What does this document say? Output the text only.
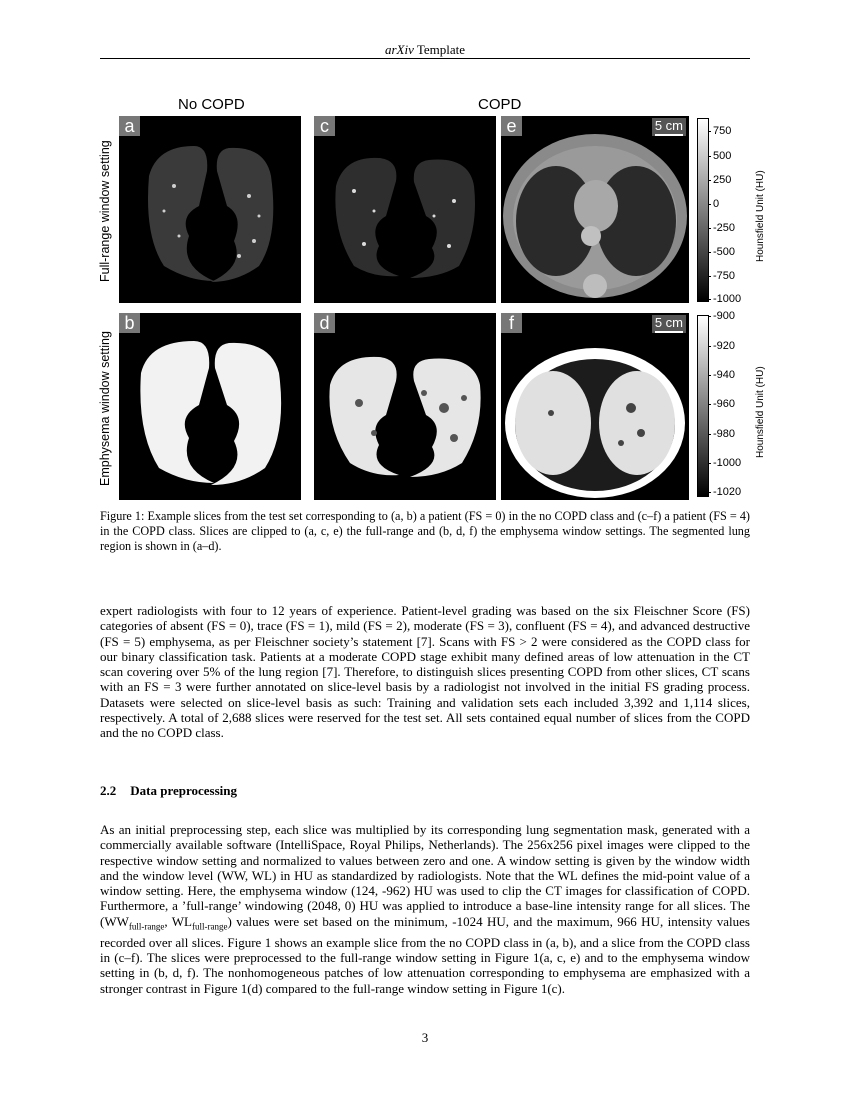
arXiv Template
No COPD	COPD
Full-range window setting
Emphysema window setting
a	c	e	5 cm
b	d	f	5 cm
750
500
250
0
-250
-500
-750
-1000
Hounsfield Unit (HU)
-900
-920
-940
-960
-980
-1000
-1020
Hounsfield Unit (HU)
Figure 1: Example slices from the test set corresponding to (a, b) a patient (FS = 0) in the no COPD class and (c–f) a patient (FS = 4) in the COPD class. Slices are clipped to (a, c, e) the full-range and (b, d, f) the emphysema window settings. The segmented lung region is shown in (a–d).
expert radiologists with four to 12 years of experience. Patient-level grading was based on the six Fleischner Score (FS) categories of absent (FS = 0), trace (FS = 1), mild (FS = 2), moderate (FS = 3), confluent (FS = 4), and advanced destructive (FS = 5) emphysema, as per Fleischner society’s statement [7]. Scans with FS > 2 were considered as the COPD class for our binary classification task. Patients at a moderate COPD stage exhibit many defined areas of low attenuation in the CT scan covering over 5% of the lung region [7]. Therefore, to distinguish slices presenting COPD from other slices, CT scans with an FS = 3 were further annotated on slice-level basis by a radiologist not involved in the initial FS grading process. Datasets were selected on slice-level basis as such: Training and validation sets each included 3,392 and 1,114 slices, respectively. A total of 2,688 slices were reserved for the test set. All sets contained equal number of slices from the COPD and the no COPD class.
2.2 Data preprocessing
As an initial preprocessing step, each slice was multiplied by its corresponding lung segmentation mask, generated with a commercially available software (IntelliSpace, Royal Philips, Netherlands). The 256x256 pixel images were clipped to the respective window setting and normalized to values between zero and one. A window setting is given by the window width and the window level (WW, WL) in HU as standardized by radiologists. Note that the WL defines the mid-point value of a window setting. Here, the emphysema window (124, -962) HU was used to clip the CT images for classification of COPD. Furthermore, a ’full-range’ windowing (2048, 0) HU was applied to introduce a base-line intensity range for all slices. The ($WW_{full-range}$, $WL_{full-range}$) values were set based on the minimum, -1024 HU, and the maximum, 966 HU, intensity values recorded over all slices. Figure 1 shows an example slice from the no COPD class in (a, b), and a slice from the COPD class in (c–f). The slices were preprocessed to the full-range window setting in Figure 1(a, c, e) and to the emphysema window setting in (b, d, f). The nonhomogeneous patches of low attenuation corresponding to emphysema are emphasized with a stronger contrast in Figure 1(d) compared to the full-range window setting in Figure 1(c).
3
